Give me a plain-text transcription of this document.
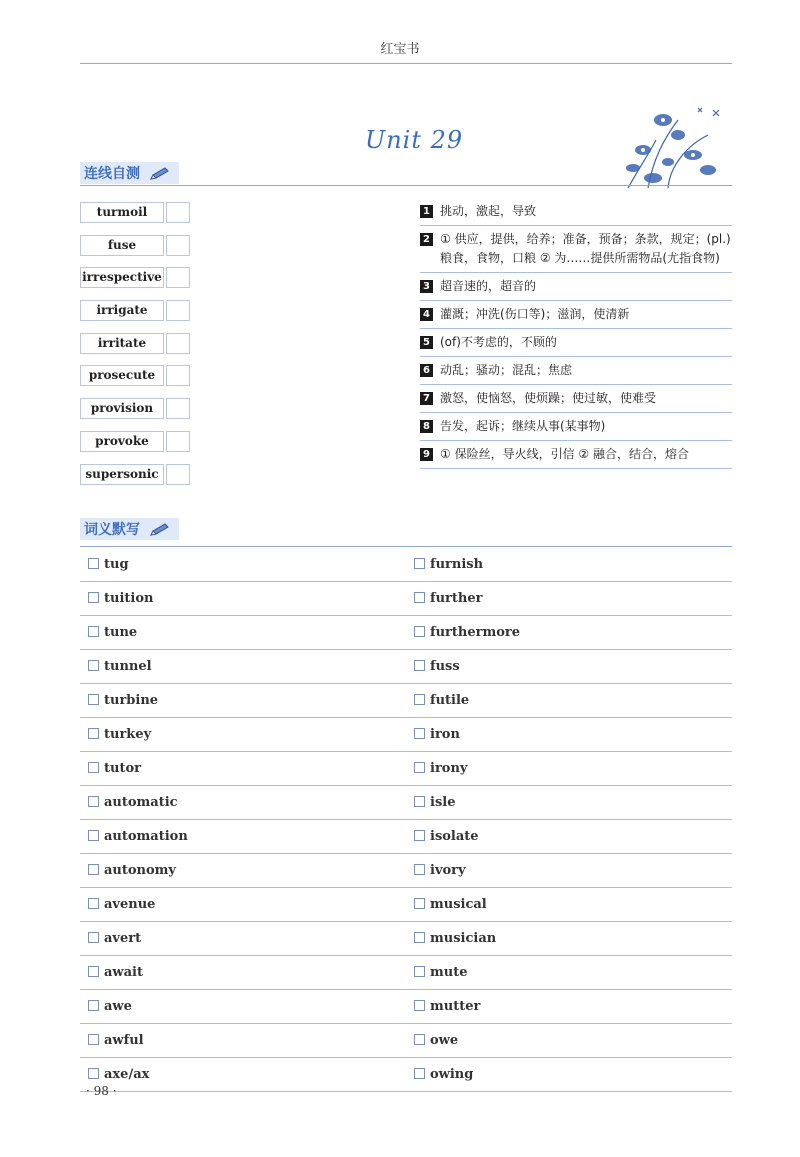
红宝书
Unit 29
连线自测
turmoil
fuse
irrespective
irrigate
irritate
prosecute
provision
provoke
supersonic
1 挑动，激起，导致
2 ① 供应，提供，给养；准备，预备；条款，规定；(pl.)粮食，食物，口粮 ② 为……提供所需物品(尤指食物)
3 超音速的，超音的
4 灌溉；冲洗(伤口等)；滋润，使清新
5 (of)不考虑的，不顾的
6 动乱；骚动；混乱；焦虑
7 激怒，使恼怒，使烦躁；使过敏，使难受
8 告发，起诉；继续从事(某事物)
9 ① 保险丝，导火线，引信 ② 融合，结合，熔合
词义默写
tug	furnish
tuition	further
tune	furthermore
tunnel	fuss
turbine	futile
turkey	iron
tutor	irony
automatic	isle
automation	isolate
autonomy	ivory
avenue	musical
avert	musician
await	mute
awe	mutter
awful	owe
axe/ax	owing
· 98 ·
